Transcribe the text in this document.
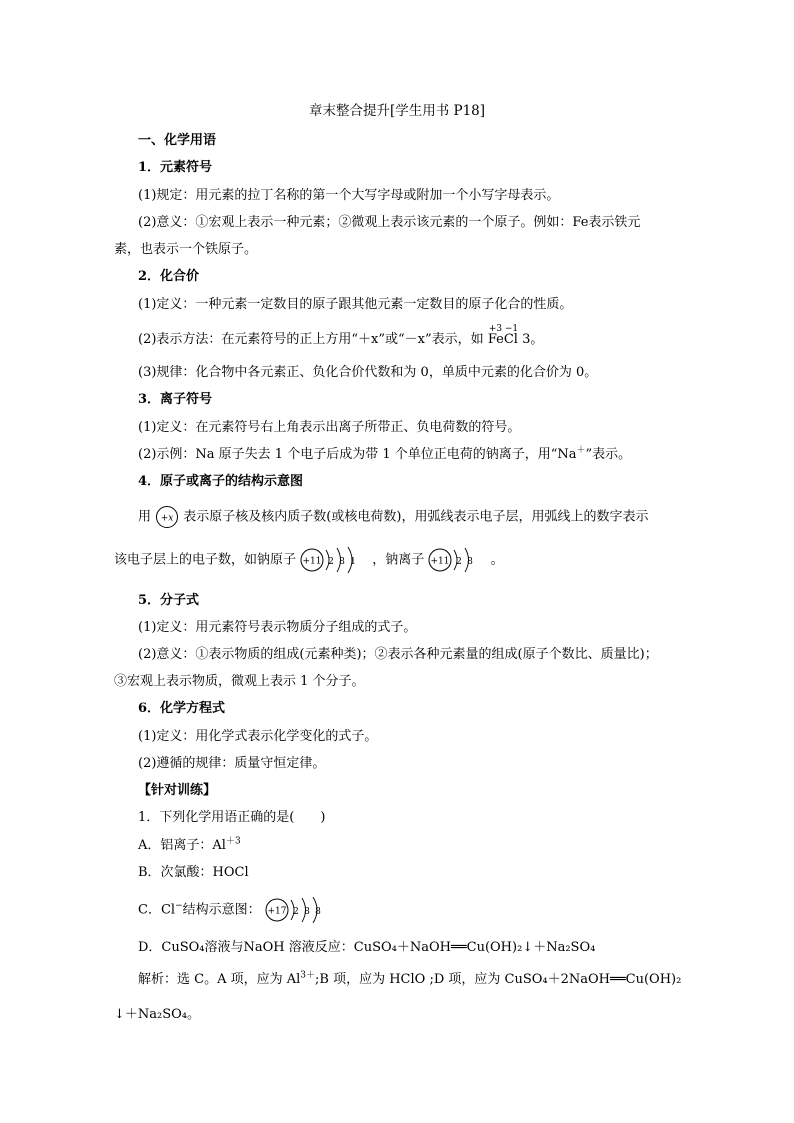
章末整合提升[学生用书 P18]
一、化学用语
1．元素符号
(1)规定：用元素的拉丁名称的第一个大写字母或附加一个小写字母表示。
(2)意义：①宏观上表示一种元素；②微观上表示该元素的一个原子。例如：Fe表示铁元
素，也表示一个铁原子。
2．化合价
(1)定义：一种元素一定数目的原子跟其他元素一定数目的原子化合的性质。
(2)表示方法：在元素符号的正上方用“＋x”或“－x”表示，如
+3
Fe
−1
Cl 3。
(3)规律：化合物中各元素正、负化合价代数和为 0，单质中元素的化合价为 0。
3．离子符号
(1)定义：在元素符号右上角表示出离子所带正、负电荷数的符号。
(2)示例：Na 原子失去 1 个电子后成为带 1 个单位正电荷的钠离子，用“Na＋”表示。
4．原子或离子的结构示意图
用 +x 表示原子核及核内质子数(或核电荷数)，用弧线表示电子层，用弧线上的数字表示
该电子层上的电子数，如钠原子 +11 2 8 1 ，钠离子 +11 2 8 。
5．分子式
(1)定义：用元素符号表示物质分子组成的式子。
(2)意义：①表示物质的组成(元素种类)；②表示各种元素量的组成(原子个数比、质量比)；
③宏观上表示物质，微观上表示 1 个分子。
6．化学方程式
(1)定义：用化学式表示化学变化的式子。
(2)遵循的规律：质量守恒定律。
【针对训练】
1．下列化学用语正确的是(　　)
A．铝离子：$Al^{+3}$
B．次氯酸：HOCl
C．Cl−结构示意图： +17 2 8 8
D．CuSO₄溶液与NaOH 溶液反应：CuSO₄＋NaOH══Cu(OH)₂↓＋Na₂SO₄
解析：选 C。A 项，应为 $Al^{3+};B$ 项，应为 HClO ;D 项，应为 CuSO₄＋2NaOH══Cu(OH)₂
↓＋Na₂SO₄。
